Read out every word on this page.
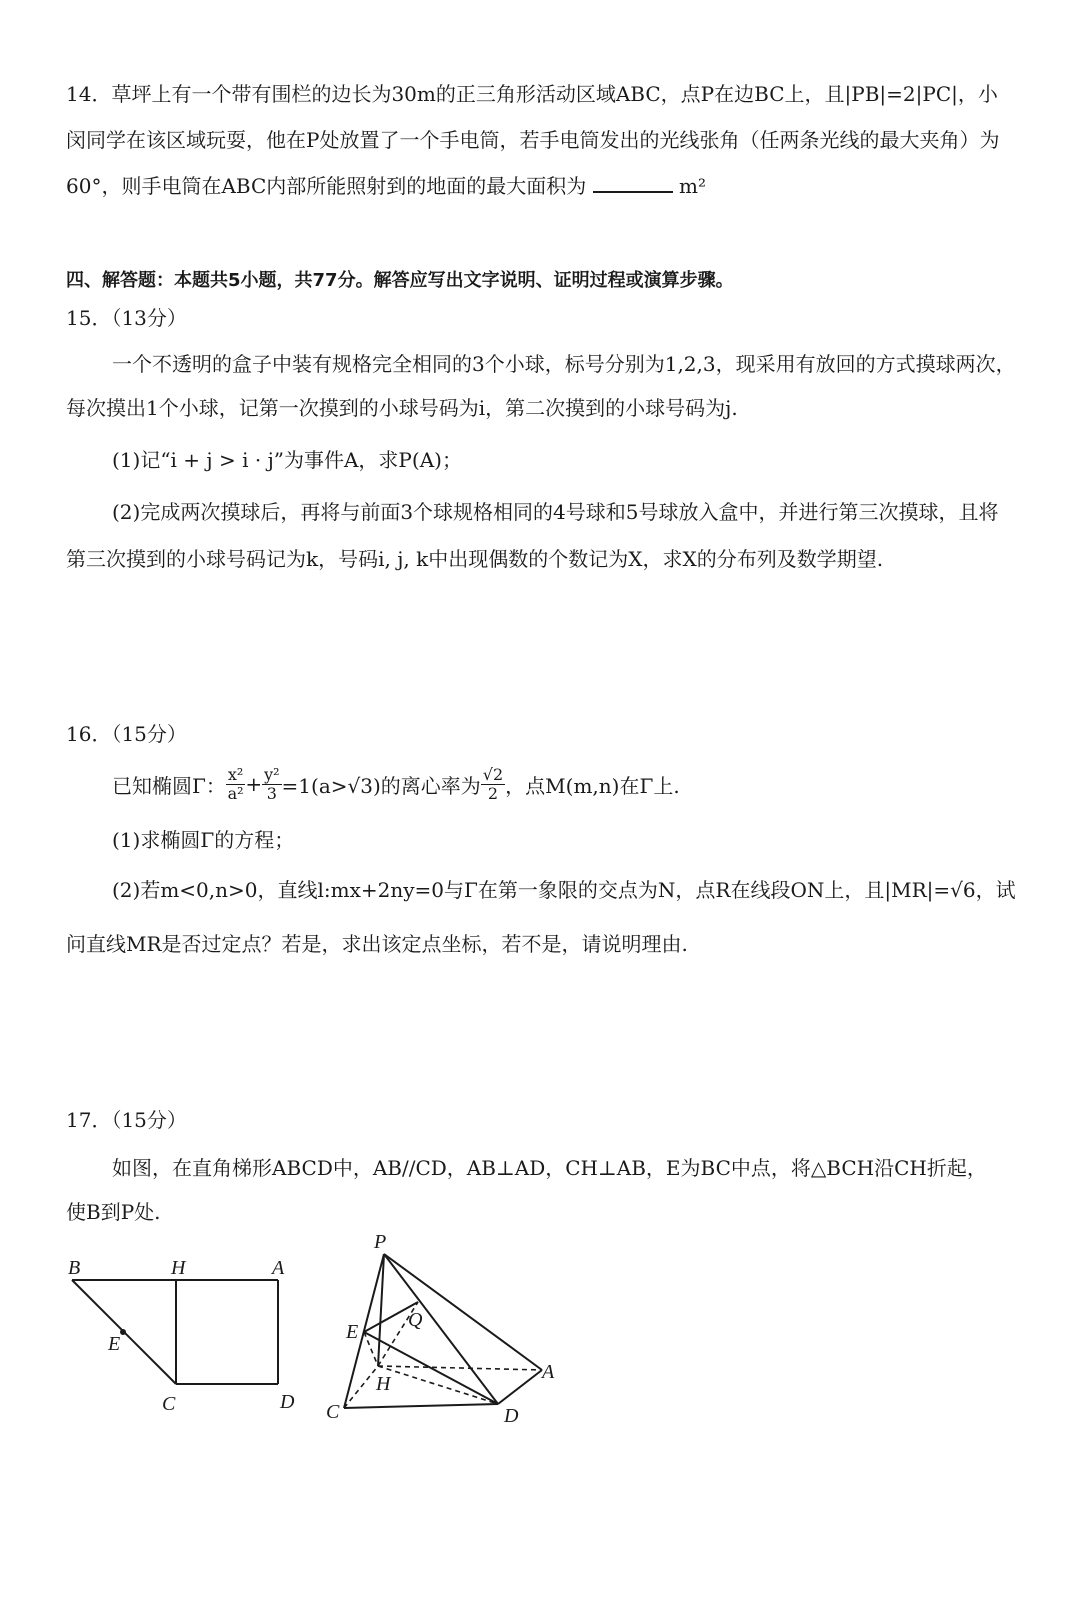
14．草坪上有一个带有围栏的边长为30m的正三角形活动区域ABC，点P在边BC上，且|PB|=2|PC|，小
闵同学在该区域玩耍，他在P处放置了一个手电筒，若手电筒发出的光线张角（任两条光线的最大夹角）为
60°，则手电筒在ABC内部所能照射到的地面的最大面积为	m²
四、解答题：本题共5小题，共77分。解答应写出文字说明、证明过程或演算步骤。
15．（13分）
一个不透明的盒子中装有规格完全相同的3个小球，标号分别为1,2,3，现采用有放回的方式摸球两次，
每次摸出1个小球，记第一次摸到的小球号码为i，第二次摸到的小球号码为j.
(1)记“i + j > i · j”为事件A，求P(A)；
(2)完成两次摸球后，再将与前面3个球规格相同的4号球和5号球放入盒中，并进行第三次摸球，且将
第三次摸到的小球号码记为k，号码i, j, k中出现偶数的个数记为X，求X的分布列及数学期望.
16．（15分）
已知椭圆Γ： $\frac{\text{x²}}{\text{a²}} + \frac{\text{y²}}{3} =1(a>√3)$的离心率为 $\frac{√2}{2}$ ，点M(m,n)在Γ上.
(1)求椭圆Γ的方程；
(2)若m<0,n>0，直线l:mx+2ny=0与Γ在第一象限的交点为N，点R在线段ON上，且|MR|=√6，试
问直线MR是否过定点？若是，求出该定点坐标，若不是，请说明理由.
17．（15分）
如图，在直角梯形ABCD中，AB//CD，AB⊥AD，CH⊥AB，E为BC中点，将△BCH沿CH折起，
使B到P处.
B	H	A
E
C	D
P
Q
E
H
A
C	D
